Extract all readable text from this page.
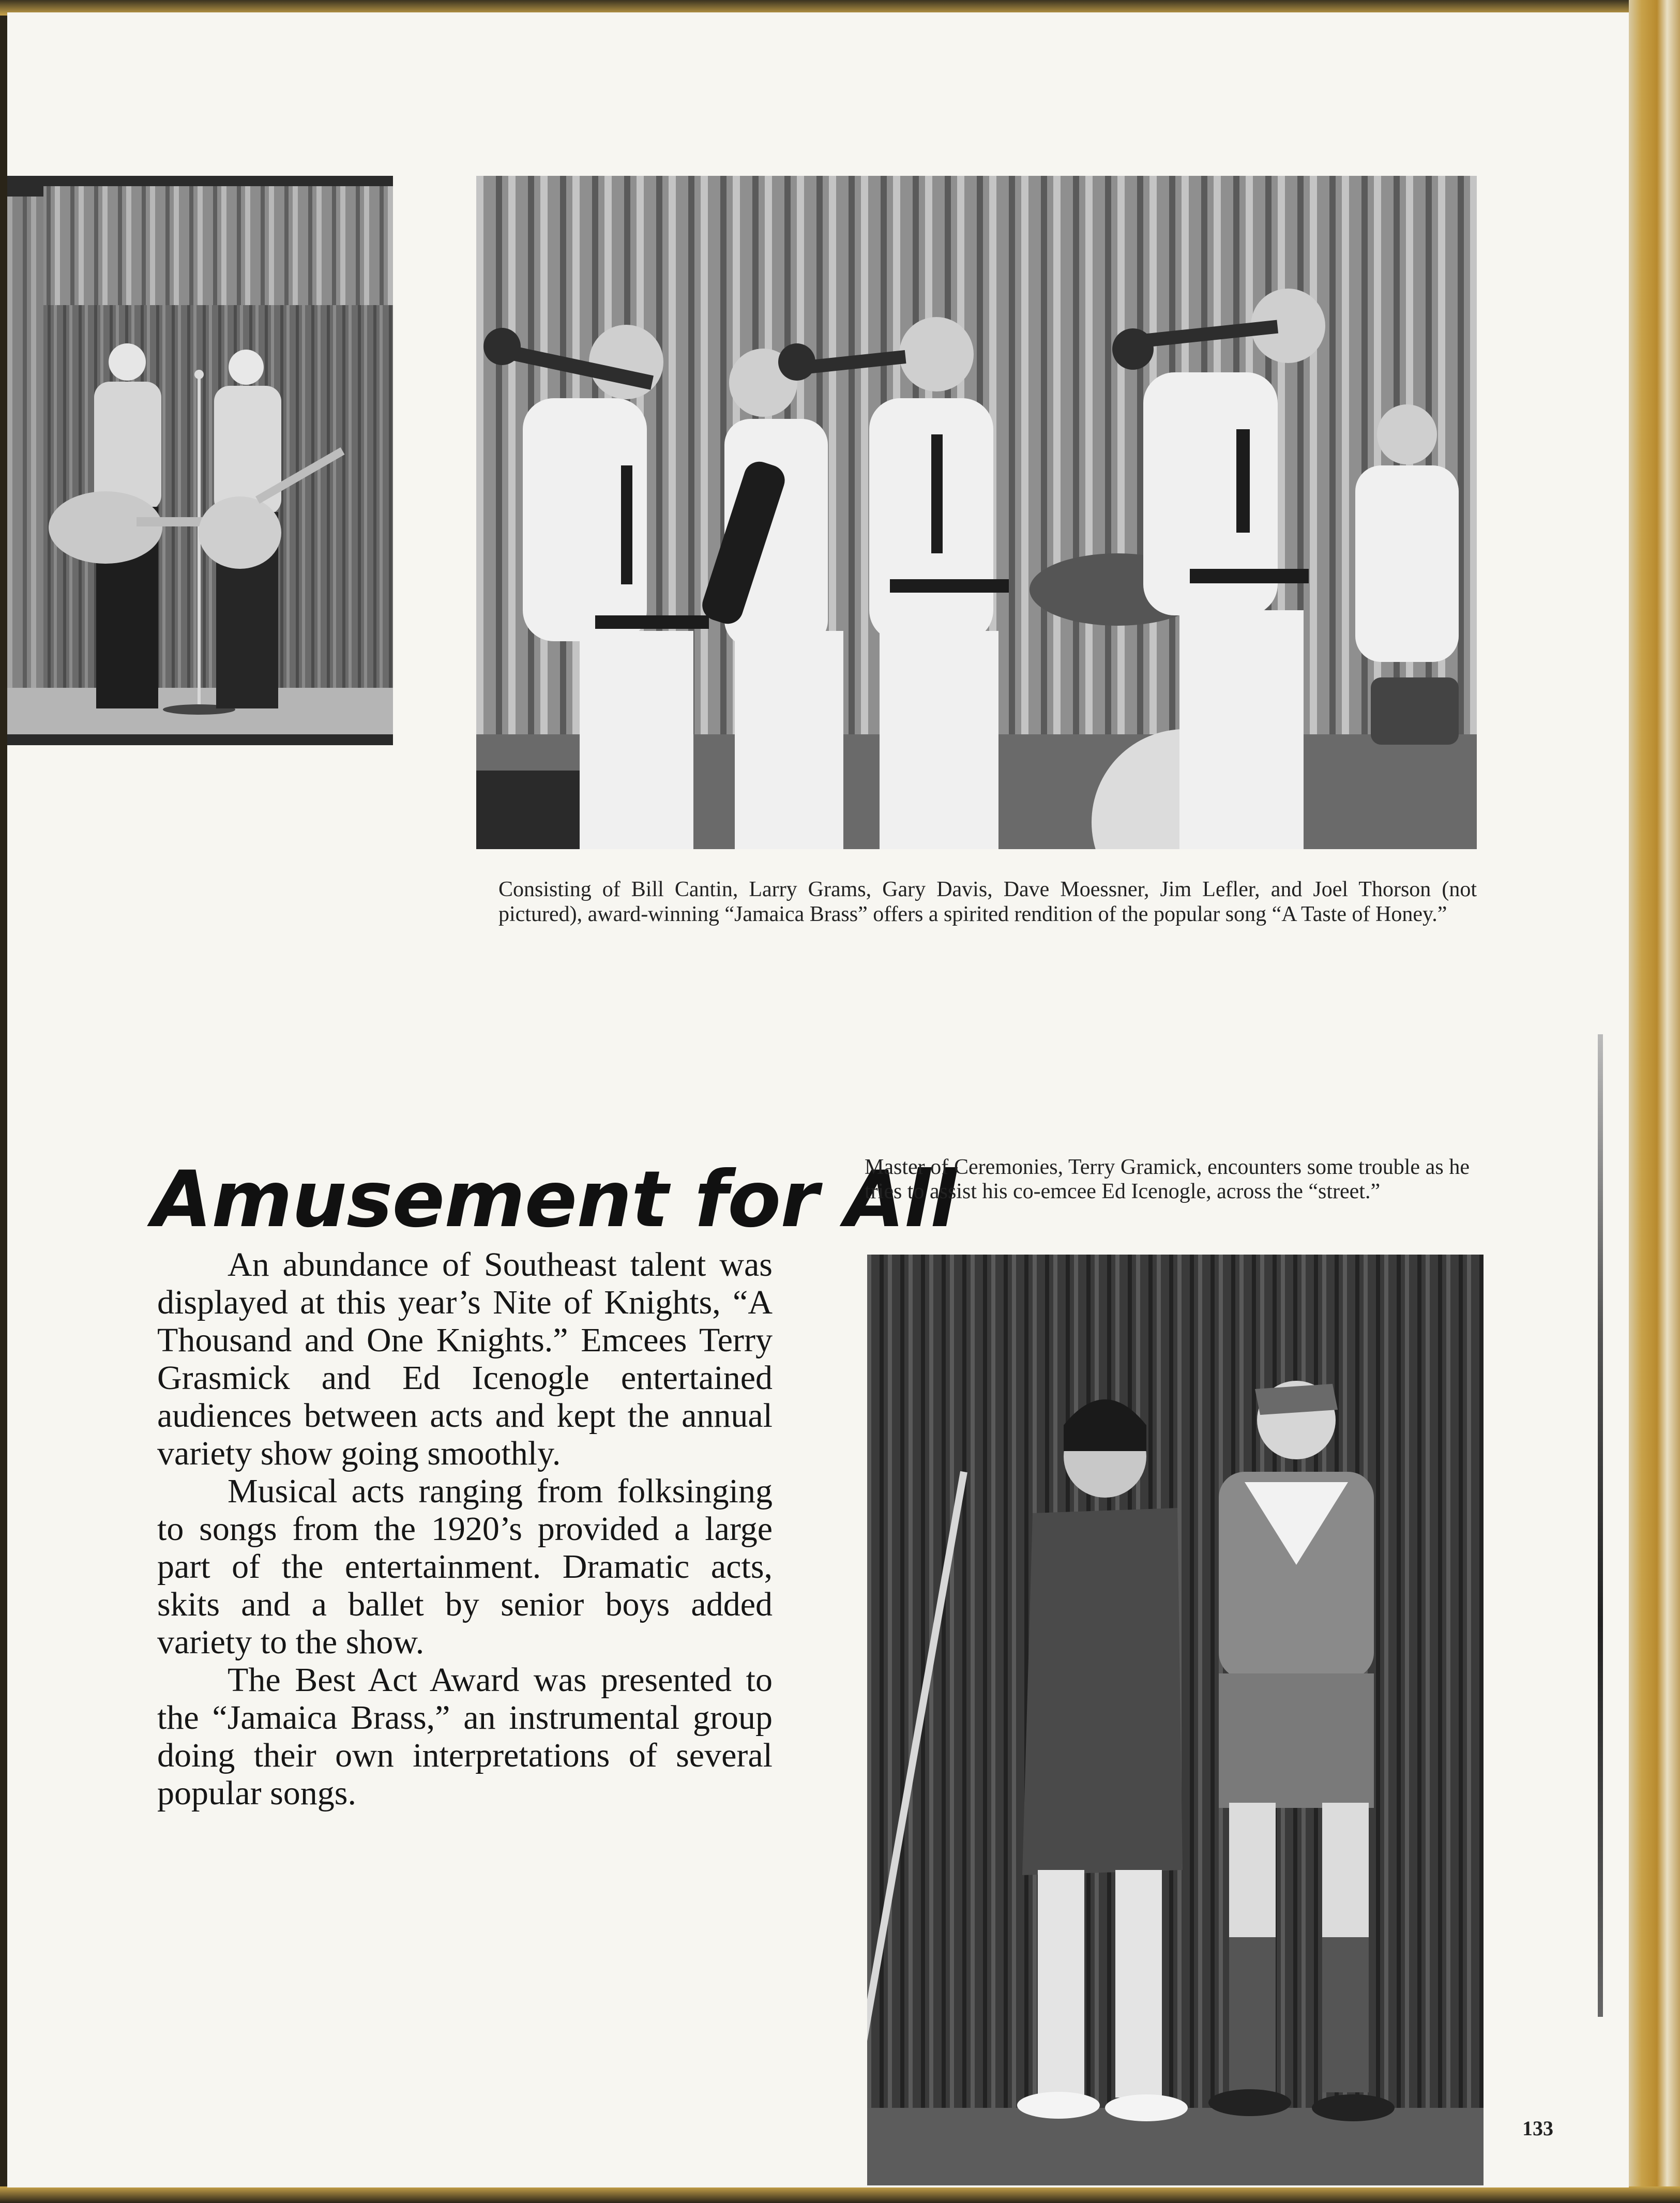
Consisting of Bill Cantin, Larry Grams, Gary Davis, Dave Moessner, Jim Lefler, and Joel Thorson (not pictured), award-winning “Jamaica Brass” offers a spirited rendition of the popular song “A Taste of Honey.”
Amusement for All
Master of Ceremonies, Terry Gramick, encounters some trouble as he tries to assist his co-emcee Ed Icenogle, across the “street.”

An abundance of Southeast talent was displayed at this year’s Nite of Knights, “A Thousand and One Knights.” Emcees Terry Grasmick and Ed Icenogle entertained audiences between acts and kept the annual variety show going smoothly.

Musical acts ranging from folksinging to songs from the 1920’s provided a large part of the entertainment. Dramatic acts, skits and a ballet by senior boys added variety to the show.

The Best Act Award was presented to the “Jamaica Brass,” an instrumental group doing their own interpretations of several popular songs.

133
